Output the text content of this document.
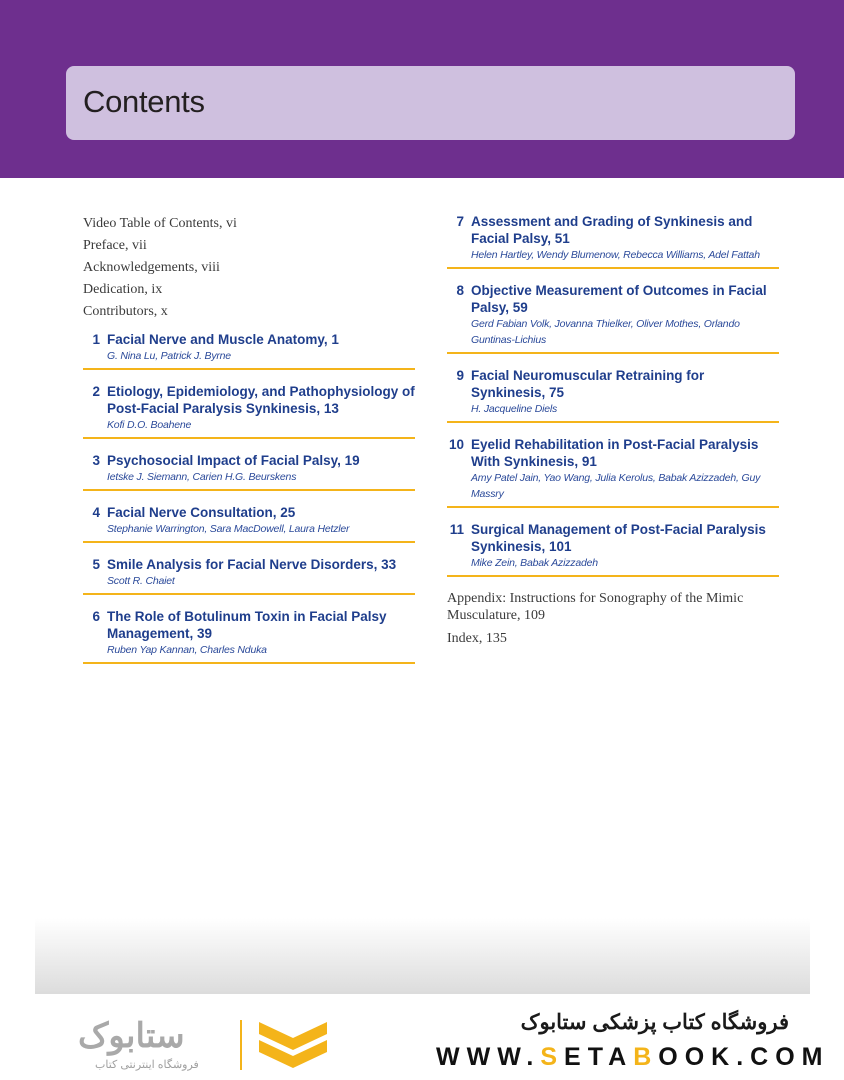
Contents
Video Table of Contents, vi
Preface, vii
Acknowledgements, viii
Dedication, ix
Contributors, x
1 Facial Nerve and Muscle Anatomy, 1
G. Nina Lu, Patrick J. Byrne
2 Etiology, Epidemiology, and Pathophysiology of Post-Facial Paralysis Synkinesis, 13
Kofi D.O. Boahene
3 Psychosocial Impact of Facial Palsy, 19
Ietske J. Siemann, Carien H.G. Beurskens
4 Facial Nerve Consultation, 25
Stephanie Warrington, Sara MacDowell, Laura Hetzler
5 Smile Analysis for Facial Nerve Disorders, 33
Scott R. Chaiet
6 The Role of Botulinum Toxin in Facial Palsy Management, 39
Ruben Yap Kannan, Charles Nduka
7 Assessment and Grading of Synkinesis and Facial Palsy, 51
Helen Hartley, Wendy Blumenow, Rebecca Williams, Adel Fattah
8 Objective Measurement of Outcomes in Facial Palsy, 59
Gerd Fabian Volk, Jovanna Thielker, Oliver Mothes, Orlando Guntinas-Lichius
9 Facial Neuromuscular Retraining for Synkinesis, 75
H. Jacqueline Diels
10 Eyelid Rehabilitation in Post-Facial Paralysis With Synkinesis, 91
Amy Patel Jain, Yao Wang, Julia Kerolus, Babak Azizzadeh, Guy Massry
11 Surgical Management of Post-Facial Paralysis Synkinesis, 101
Mike Zein, Babak Azizzadeh
Appendix: Instructions for Sonography of the Mimic Musculature, 109
Index, 135
ستابوک
فروشگاه اینترنتی کتاب
فروشگاه کتاب پزشکی ستابوک
WWW.SETABOOK.COM
